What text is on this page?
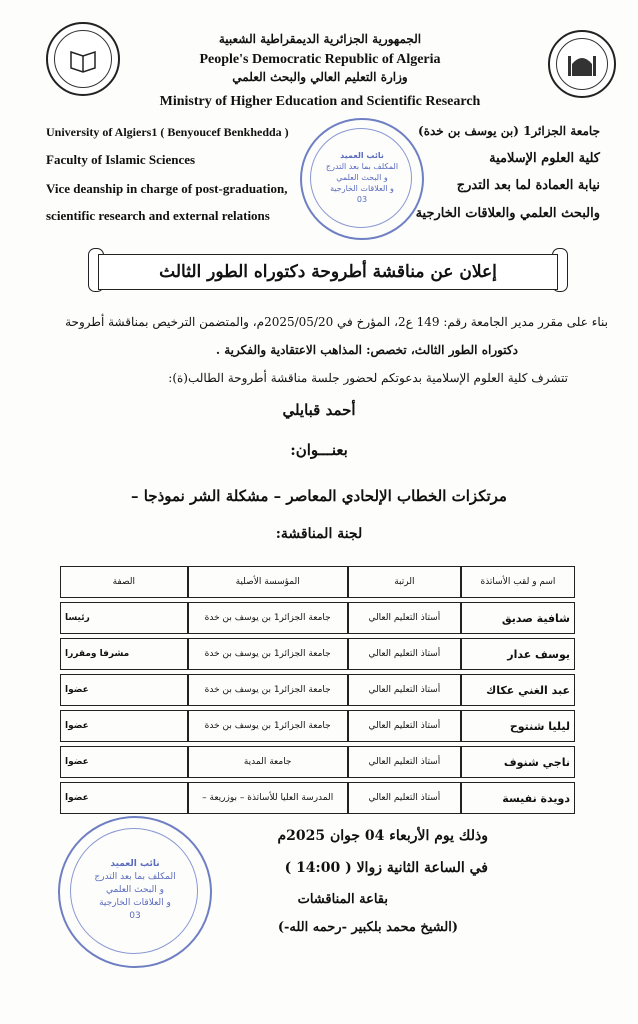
الجمهورية الجزائرية الديمقراطية الشعبية
People's Democratic Republic of Algeria
وزارة التعليم العالي والبحث العلمي
Ministry of Higher Education and Scientific Research
University of Algiers1 ( Benyoucef Benkhedda )
Faculty of Islamic Sciences
Vice deanship in charge of post-graduation,
scientific research and external relations
جامعة الجزائر1 (بن يوسف بن خدة)
كلية العلوم الإسلامية
نيابة العمادة لما بعد التدرج
والبحث العلمي والعلاقات الخارجية
نائب العميد
المكلف بما بعد التدرج
و البحث العلمي
و العلاقات الخارجية
03
إعلان عن مناقشة أطروحة دكتوراه الطور الثالث
بناء على مقرر مدير الجامعة رقم: 149 ع2، المؤرخ في 2025/05/20م، والمتضمن الترخيص بمناقشة أطروحة
دكتوراه الطور الثالث، تخصص: المذاهب الاعتقادية والفكرية .
تتشرف كلية العلوم الإسلامية بدعوتكم لحضور جلسة مناقشة أطروحة الطالب(ة):
أحمد قبايلي
بعنـــوان:
مرتكزات الخطاب الإلحادي المعاصر – مشكلة الشر نموذجا –
لجنة المناقشة:
اسم و لقب الأساتذة	الرتبة	المؤسسة الأصلية	الصفة
شافية صديق	أستاذ التعليم العالي	جامعة الجزائر1 بن يوسف بن خدة	رئيسا
يوسف عدار	أستاذ التعليم العالي	جامعة الجزائر1 بن يوسف بن خدة	مشرفا ومقررا
عبد الغني عكاك	أستاذ التعليم العالي	جامعة الجزائر1 بن يوسف بن خدة	عضوا
ليليا شنتوح	أستاذ التعليم العالي	جامعة الجزائر1 بن يوسف بن خدة	عضوا
ناجي شنوف	أستاذ التعليم العالي	جامعة المدية	عضوا
دويدة نفيسة	أستاذ التعليم العالي	المدرسة العليا للأساتذة – بوزريعة –	عضوا
وذلك يوم الأربعاء 04 جوان 2025م
في الساعة الثانية زوالا ( 14:00 )
بقاعة المناقشات
(الشيخ محمد بلكبير -رحمه الله-)
نائب العميد
المكلف بما بعد التدرج
و البحث العلمي
و العلاقات الخارجية
03
